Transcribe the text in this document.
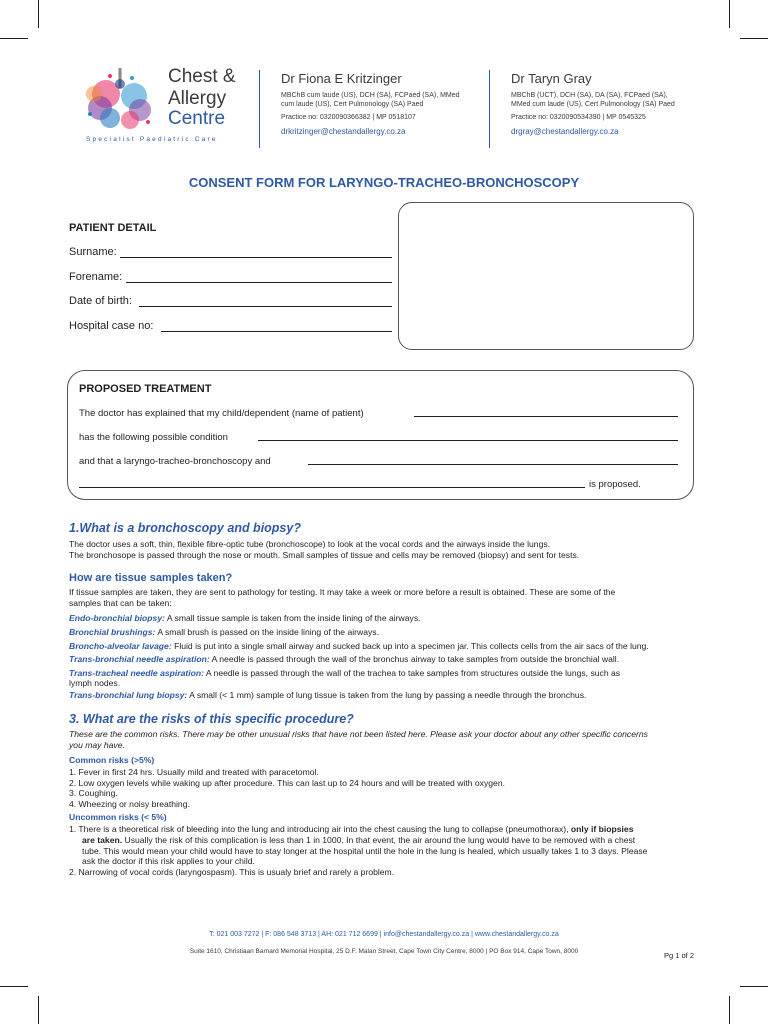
Chest &
Allergy
Centre
Specialist Paediatric Care
Dr Fiona E Kritzinger
MBChB cum laude (US), DCH (SA), FCPaed (SA), MMed
cum laude (US), Cert Pulmonology (SA) Paed
Practice no: 0320090366382 | MP 0518107
drkritzinger@chestandallergy.co.za
Dr Taryn Gray
MBChB (UCT), DCH (SA), DA (SA), FCPaed (SA),
MMed cum laude (US), Cert Pulmonology (SA) Paed
Practice no: 0320090534390 | MP 0545325
drgray@chestandallergy.co.za
CONSENT FORM FOR LARYNGO-TRACHEO-BRONCHOSCOPY
PATIENT DETAIL
Surname:
Forename:
Date of birth:
Hospital case no:
PROPOSED TREATMENT
The doctor has explained that my child/dependent (name of patient)
has the following possible condition
and that a laryngo-tracheo-bronchoscopy and
is proposed.
1.What is a bronchoscopy and biopsy?
The doctor uses a soft, thin, flexible fibre-optic tube (bronchoscope) to look at the vocal cords and the airways inside the lungs.
The bronchosope is passed through the nose or mouth. Small samples of tissue and cells may be removed (biopsy) and sent for tests.
How are tissue samples taken?
If tissue samples are taken, they are sent to pathology for testing. It may take a week or more before a result is obtained. These are some of the
samples that can be taken:
Endo-bronchial biopsy: A small tissue sample is taken from the inside lining of the airways.
Bronchial brushings: A small brush is passed on the inside lining of the airways.
Broncho-alveolar lavage: Fluid is put into a single small airway and sucked back up into a specimen jar. This collects cells from the air sacs of the lung.
Trans-bronchial needle aspiration: A needle is passed through the wall of the bronchus airway to take samples from outside the bronchial wall.
Trans-tracheal needle aspiration: A needle is passed through the wall of the trachea to take samples from structures outside the lungs, such as
lymph nodes.
Trans-bronchial lung biopsy: A small (< 1 mm) sample of lung tissue is taken from the lung by passing a needle through the bronchus.
3. What are the risks of this specific procedure?
These are the common risks. There may be other unusual risks that have not been listed here. Please ask your doctor about any other specific concerns
you may have.
Common risks (>5%)
1. Fever in first 24 hrs. Usually mild and treated with paracetomol.
2. Low oxygen levels while waking up after procedure. This can last up to 24 hours and will be treated with oxygen.
3. Coughing.
4. Wheezing or noisy breathing.
Uncommon risks (< 5%)
1. There is a theoretical risk of bleeding into the lung and introducing air into the chest causing the lung to collapse (pneumothorax), only if biopsies
are taken. Usually the risk of this complication is less than 1 in 1000. In that event, the air around the lung would have to be removed with a chest
tube. This would mean your child would have to stay longer at the hospital until the hole in the lung is healed, which usually takes 1 to 3 days. Please
ask the doctor if this risk applies to your child.
2. Narrowing of vocal cords (laryngospasm). This is usualy brief and rarely a problem.
T: 021 003 7272 | F: 086 548 3713 | AH: 021 712 6699 | info@chestandallergy.co.za | www.chestandallergy.co.za
Suite 1610, Christiaan Barnard Memorial Hospital, 25 D.F. Malan Street, Cape Town City Centre, 8000 | PO Box 914, Cape Town, 8000	Pg 1 of 2
